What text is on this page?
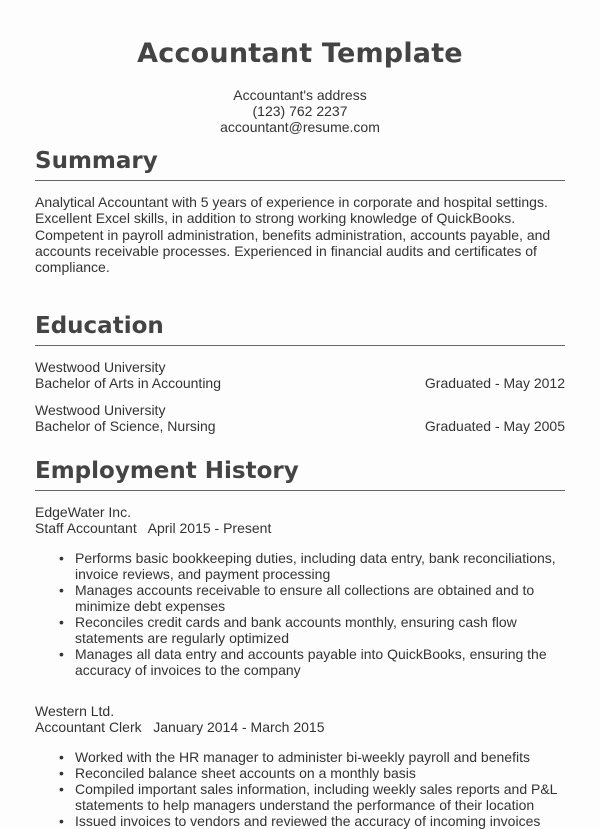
Accountant Template
Accountant's address
(123) 762 2237
accountant@resume.com
Summary
Analytical Accountant with 5 years of experience in corporate and hospital settings. Excellent Excel skills, in addition to strong working knowledge of QuickBooks. Competent in payroll administration, benefits administration, accounts payable, and accounts receivable processes. Experienced in financial audits and certificates of compliance.
Education
Westwood University
Bachelor of Arts in Accounting	Graduated - May 2012
Westwood University
Bachelor of Science, Nursing	Graduated - May 2005
Employment History
EdgeWater Inc.
Staff Accountant   April 2015 - Present
• Performs basic bookkeeping duties, including data entry, bank reconciliations, invoice reviews, and payment processing
• Manages accounts receivable to ensure all collections are obtained and to minimize debt expenses
• Reconciles credit cards and bank accounts monthly, ensuring cash flow statements are regularly optimized
• Manages all data entry and accounts payable into QuickBooks, ensuring the accuracy of invoices to the company
Western Ltd.
Accountant Clerk   January 2014 - March 2015
• Worked with the HR manager to administer bi-weekly payroll and benefits
• Reconciled balance sheet accounts on a monthly basis
• Compiled important sales information, including weekly sales reports and P&L statements to help managers understand the performance of their location
• Issued invoices to vendors and reviewed the accuracy of incoming invoices
